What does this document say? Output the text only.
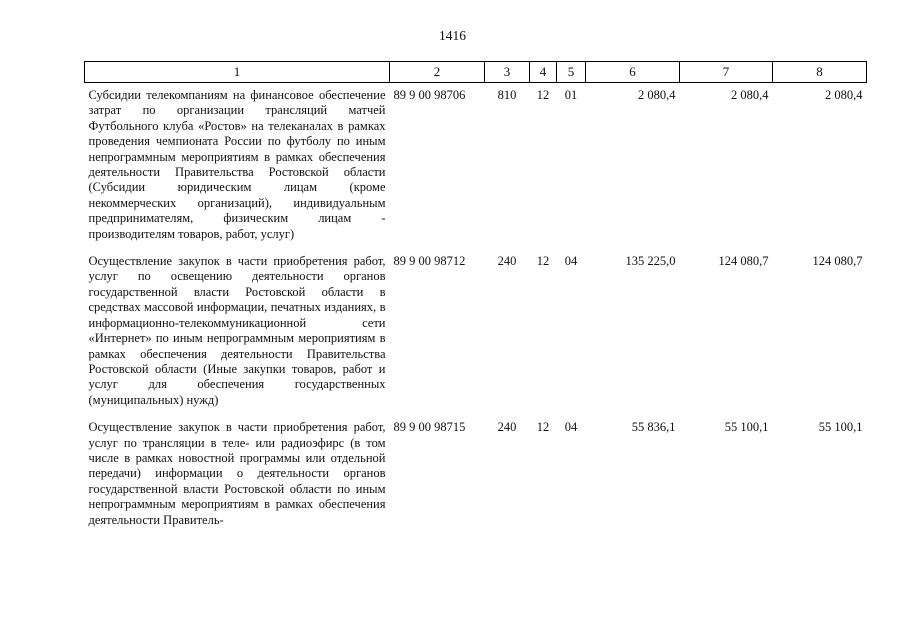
1416
1	2	3	4	5	6	7	8
Субсидии телекомпаниям на финансовое обеспечение затрат по организации трансляций матчей Футбольного клуба «Ростов» на телеканалах в рамках проведения чемпионата России по футболу по иным непрограммным мероприятиям в рамках обеспечения деятельности Правительства Ростовской области (Субсидии юридическим лицам (кроме некоммерческих организаций), индивидуальным предпринимателям, физическим лицам - производителям товаров, работ, услуг)	89 9 00 98706	810	12	01	2 080,4	2 080,4	2 080,4
Осуществление закупок в части приобретения работ, услуг по освещению деятельности органов государственной власти Ростовской области в средствах массовой информации, печатных изданиях, в информационно-телекоммуникационной сети «Интернет» по иным непрограммным мероприятиям в рамках обеспечения деятельности Правительства Ростовской области (Иные закупки товаров, работ и услуг для обеспечения государственных (муниципальных) нужд)	89 9 00 98712	240	12	04	135 225,0	124 080,7	124 080,7
Осуществление закупок в части приобретения работ, услуг по трансляции в теле- или радиоэфирс (в том числе в рамках новостной программы или отдельной передачи) информации о деятельности органов государственной власти Ростовской области по иным непрограммным мероприятиям в рамках обеспечения деятельности Правитель-	89 9 00 98715	240	12	04	55 836,1	55 100,1	55 100,1
